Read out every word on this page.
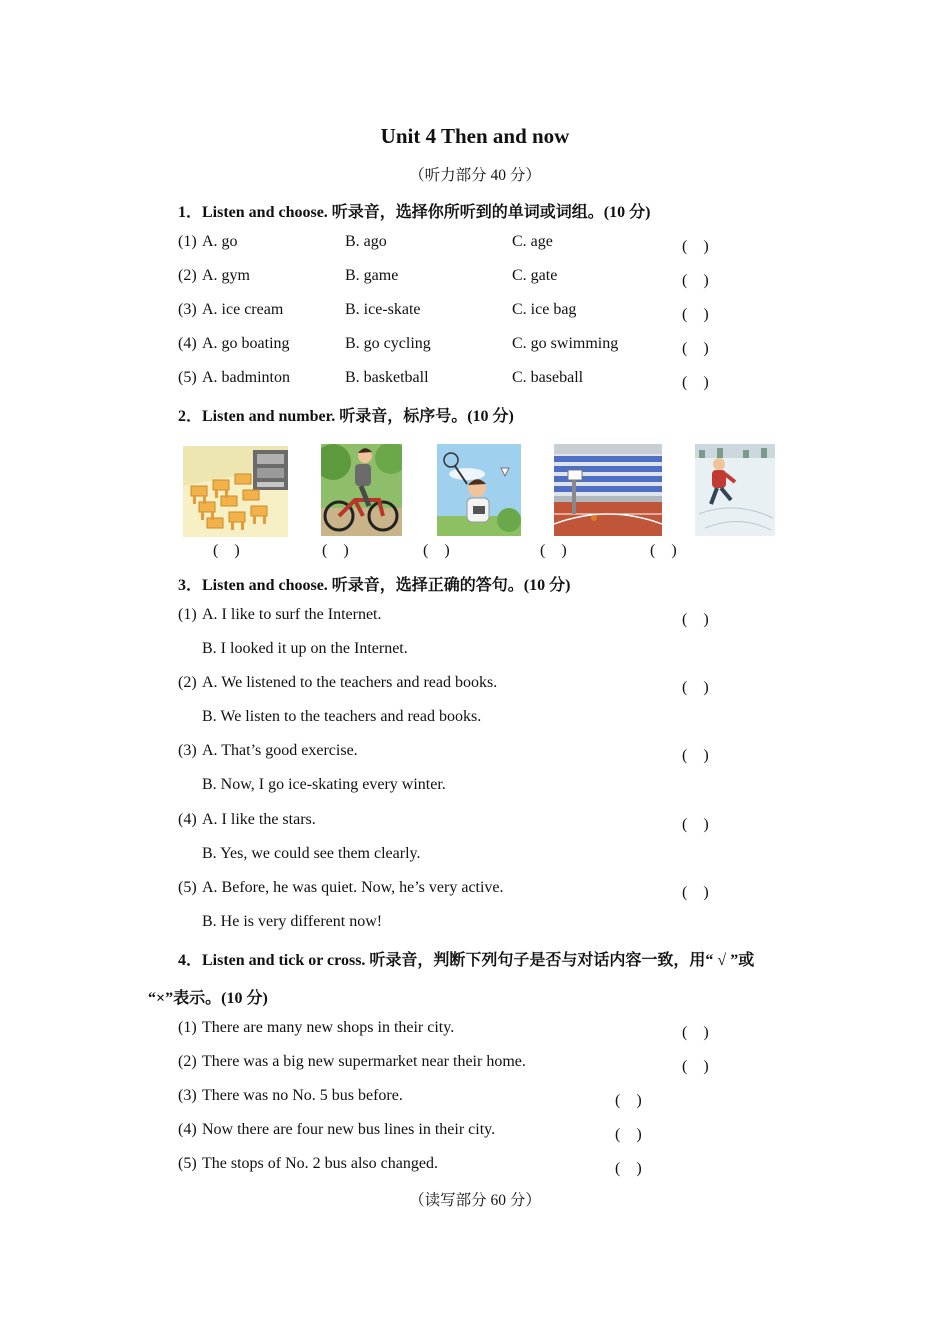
Unit 4 Then and now
（听力部分 40 分）
1．Listen and choose. 听录音，选择你所听到的单词或词组。(10 分)
(1) A. go	B. ago	C. age	(　)
(2) A. gym	B. game	C. gate	(　)
(3) A. ice cream	B. ice-skate	C. ice bag	(　)
(4) A. go boating	B. go cycling	C. go swimming	(　)
(5) A. badminton	B. basketball	C. baseball	(　)
2．Listen and number. 听录音，标序号。(10 分)
(　)	(　)	(　)	(　)	(　)
3．Listen and choose. 听录音，选择正确的答句。(10 分)
(1) A. I like to surf the Internet.	(　)
B. I looked it up on the Internet.
(2) A. We listened to the teachers and read books.	(　)
B. We listen to the teachers and read books.
(3) A. That’s good exercise.	(　)
B. Now, I go ice-skating every winter.
(4) A. I like the stars.	(　)
B. Yes, we could see them clearly.
(5) A. Before, he was quiet. Now, he’s very active.	(　)
B. He is very different now!
4．Listen and tick or cross. 听录音，判断下列句子是否与对话内容一致，用“ √ ”或
“×”表示。(10 分)
(1) There are many new shops in their city.	(　)
(2) There was a big new supermarket near their home.	(　)
(3) There was no No. 5 bus before.	(　)
(4) Now there are four new bus lines in their city.	(　)
(5) The stops of No. 2 bus also changed.	(　)
（读写部分 60 分）
